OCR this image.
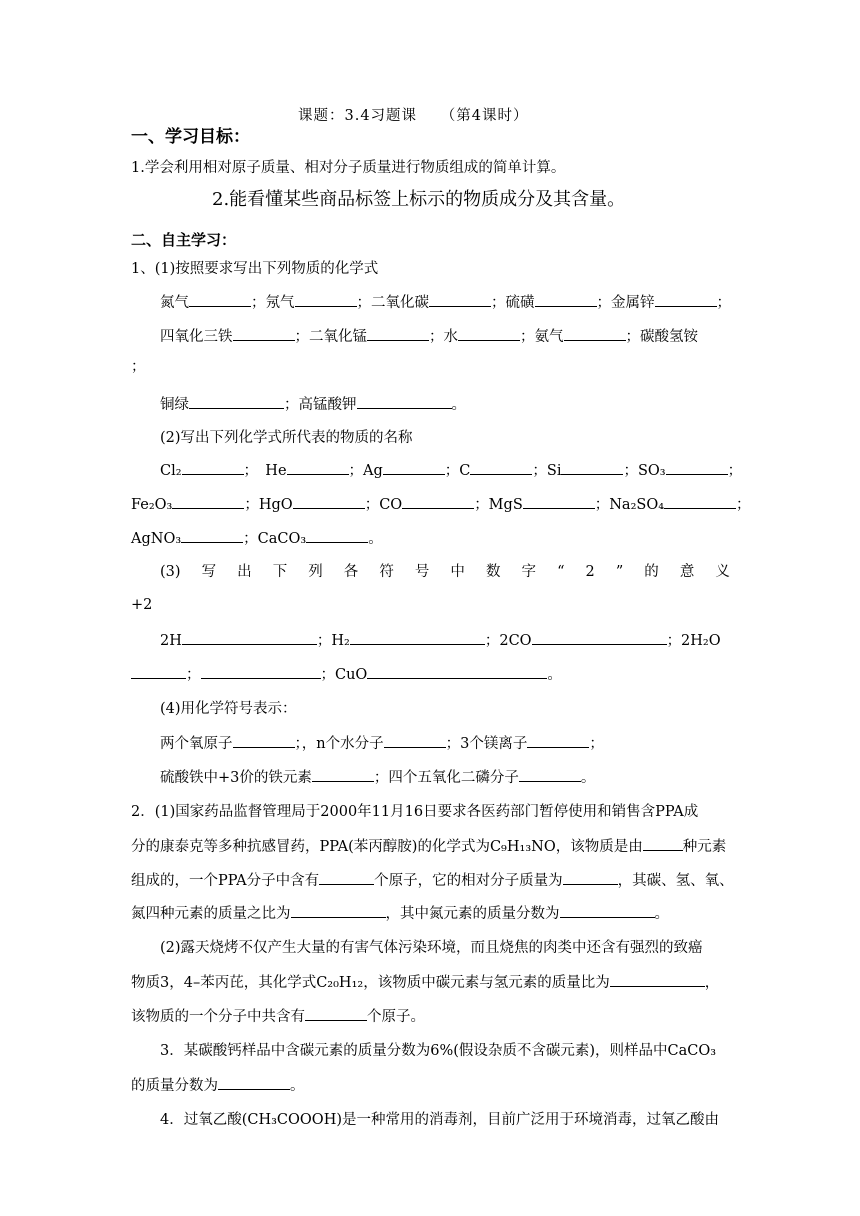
课题：3.4习题课　　（第4课时）
一、学习目标：
1.学会利用相对原子质量、相对分子质量进行物质组成的简单计算。
2.能看懂某些商品标签上标示的物质成分及其含量。
二、自主学习：
1、(1)按照要求写出下列物质的化学式
氮气	；氖气	；二氧化碳	；硫磺	；金属锌	；
四氧化三铁	；二氧化锰	；水	；氨气	；碳酸氢铵
；
铜绿	；高锰酸钾	。
(2)写出下列化学式所代表的物质的名称
Cl₂	；　He	；Ag	；C	；Si	；SO₃	；
Fe₂O₃	；HgO	；CO	；MgS	；Na₂SO₄	；
AgNO₃	；CaCO₃	。
(3) 写 出 下 列 各 符 号 中 数 字 “ 2 ” 的 意 义
+2
2H	；H₂	；2CO	；2H₂O
；	；CuO	。
(4)用化学符号表示：
两个氧原子	；，n个水分子	；3个镁离子	；
硫酸铁中+3价的铁元素	；四个五氧化二磷分子	。
2．(1)国家药品监督管理局于2000年11月16日要求各医药部门暂停使用和销售含PPA成
分的康泰克等多种抗感冒药，PPA(苯丙醇胺)的化学式为C₉H₁₃NO，该物质是由	种元素
组成的，一个PPA分子中含有	个原子，它的相对分子质量为	，其碳、氢、氧、
氮四种元素的质量之比为	，其中氮元素的质量分数为	。
(2)露天烧烤不仅产生大量的有害气体污染环境，而且烧焦的肉类中还含有强烈的致癌
物质3，4–苯丙芘，其化学式C₂₀H₁₂，该物质中碳元素与氢元素的质量比为	，
该物质的一个分子中共含有	个原子。
3．某碳酸钙样品中含碳元素的质量分数为6%(假设杂质不含碳元素)，则样品中CaCO₃
的质量分数为	。
4．过氧乙酸(CH₃COOOH)是一种常用的消毒剂，目前广泛用于环境消毒，过氧乙酸由
